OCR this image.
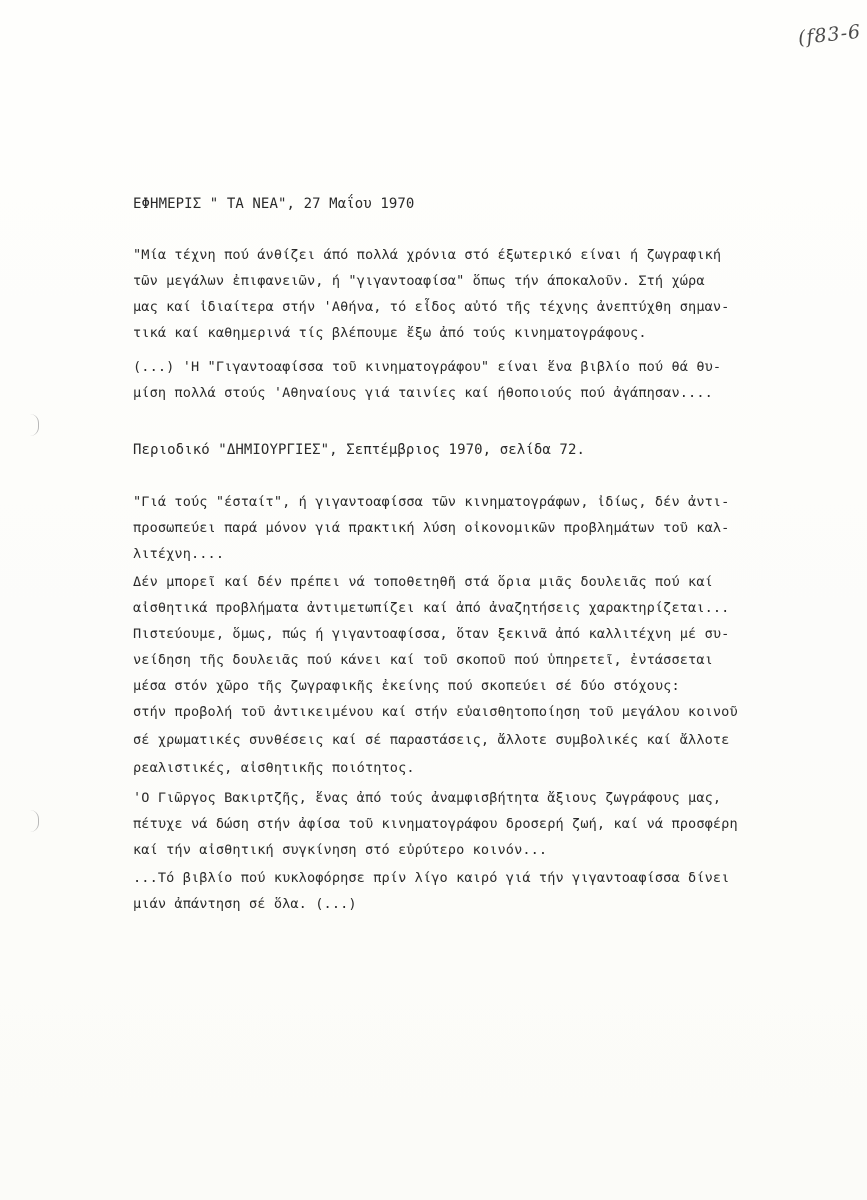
(f83-6
ΕΦΗΜΕΡΙΣ " ΤΑ ΝΕΑ", 27 Μαΐου 1970
"Μία τέχνη πού άνθίζει άπό πολλά χρόνια στό έξωτερικό είναι ή ζωγραφική
τῶν μεγάλων ἐπιφανειῶν, ή "γιγαντοαφίσα" ὅπως τήν άποκαλοῦν. Στή χώρα
μας καί ἰδιαίτερα στήν 'Αθήνα, τό εἶδος αὐτό τῆς τέχνης ἀνεπτύχθη σημαν-
τικά καί καθημερινά τίς βλέπουμε ἔξω ἀπό τούς κινηματογράφους.
(...) 'Η "Γιγαντοαφίσσα τοῦ κινηματογράφου" είναι ἕνα βιβλίο πού θά θυ-
μίση πολλά στούς 'Αθηναίους γιά ταινίες καί ήθοποιούς πού ἀγάπησαν....
Περιοδικό "ΔΗΜΙΟΥΡΓΙΕΣ", Σεπτέμβριος 1970, σελίδα 72.
"Γιά τούς "έσταίτ", ή γιγαντοαφίσσα τῶν κινηματογράφων, ἰδίως, δέν ἀντι-
προσωπεύει παρά μόνον γιά πρακτική λύση οἰκονομικῶν προβλημάτων τοῦ καλ-
λιτέχνη....
Δέν μπορεῖ καί δέν πρέπει νά τοποθετηθῆ στά ὅρια μιᾶς δουλειᾶς πού καί
αἰσθητικά προβλήματα ἀντιμετωπίζει καί ἀπό ἀναζητήσεις χαρακτηρίζεται...
Πιστεύουμε, ὅμως, πώς ή γιγαντοαφίσσα, ὅταν ξεκινᾶ ἀπό καλλιτέχνη μέ συ-
νείδηση τῆς δουλειᾶς πού κάνει καί τοῦ σκοποῦ πού ὑπηρετεῖ, ἐντάσσεται
μέσα στόν χῶρο τῆς ζωγραφικῆς ἐκείνης πού σκοπεύει σέ δύο στόχους:
στήν προβολή τοῦ ἀντικειμένου καί στήν εὐαισθητοποίηση τοῦ μεγάλου κοινοῦ
σέ χρωματικές συνθέσεις καί σέ παραστάσεις, ἄλλοτε συμβολικές καί ἄλλοτε
ρεαλιστικές, αἰσθητικῆς ποιότητος.
'Ο Γιῶργος Βακιρτζῆς, ἕνας ἀπό τούς ἀναμφισβήτητα ἄξιους ζωγράφους μας,
πέτυχε νά δώση στήν ἀφίσα τοῦ κινηματογράφου δροσερή ζωή, καί νά προσφέρη
καί τήν αἰσθητική συγκίνηση στό εὐρύτερο κοινόν...
...Τό βιβλίο πού κυκλοφόρησε πρίν λίγο καιρό γιά τήν γιγαντοαφίσσα δίνει
μιάν ἀπάντηση σέ ὅλα. (...)
